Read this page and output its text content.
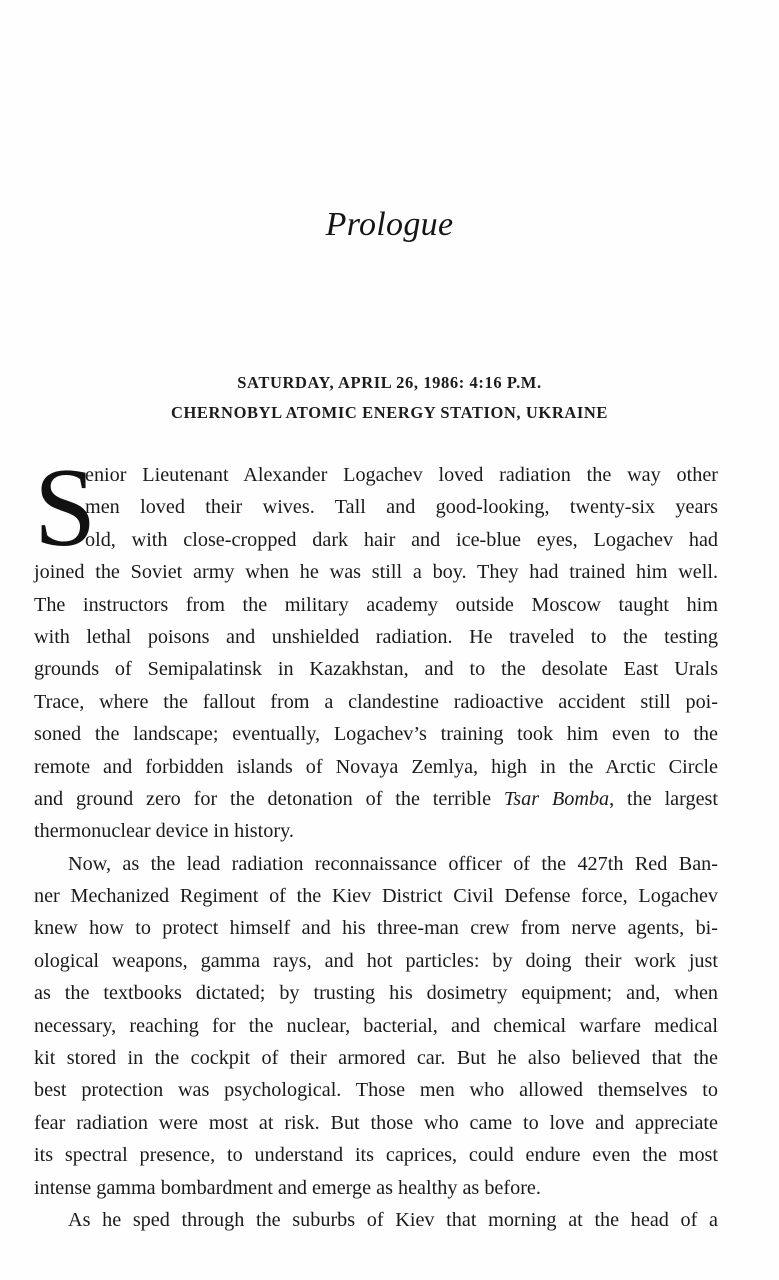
Prologue
SATURDAY, APRIL 26, 1986: 4:16 P.M.
CHERNOBYL ATOMIC ENERGY STATION, UKRAINE
S
enior Lieutenant Alexander Logachev loved radiation the way other
men loved their wives. Tall and good-looking, twenty-six years
old, with close-cropped dark hair and ice-blue eyes, Logachev had
joined the Soviet army when he was still a boy. They had trained him well.
The instructors from the military academy outside Moscow taught him
with lethal poisons and unshielded radiation. He traveled to the testing
grounds of Semipalatinsk in Kazakhstan, and to the desolate East Urals
Trace, where the fallout from a clandestine radioactive accident still poi-
soned the landscape; eventually, Logachev’s training took him even to the
remote and forbidden islands of Novaya Zemlya, high in the Arctic Circle
and ground zero for the detonation of the terrible Tsar Bomba, the largest
thermonuclear device in history.
Now, as the lead radiation reconnaissance officer of the 427th Red Ban-
ner Mechanized Regiment of the Kiev District Civil Defense force, Logachev
knew how to protect himself and his three-man crew from nerve agents, bi-
ological weapons, gamma rays, and hot particles: by doing their work just
as the textbooks dictated; by trusting his dosimetry equipment; and, when
necessary, reaching for the nuclear, bacterial, and chemical warfare medical
kit stored in the cockpit of their armored car. But he also believed that the
best protection was psychological. Those men who allowed themselves to
fear radiation were most at risk. But those who came to love and appreciate
its spectral presence, to understand its caprices, could endure even the most
intense gamma bombardment and emerge as healthy as before.
As he sped through the suburbs of Kiev that morning at the head of a
